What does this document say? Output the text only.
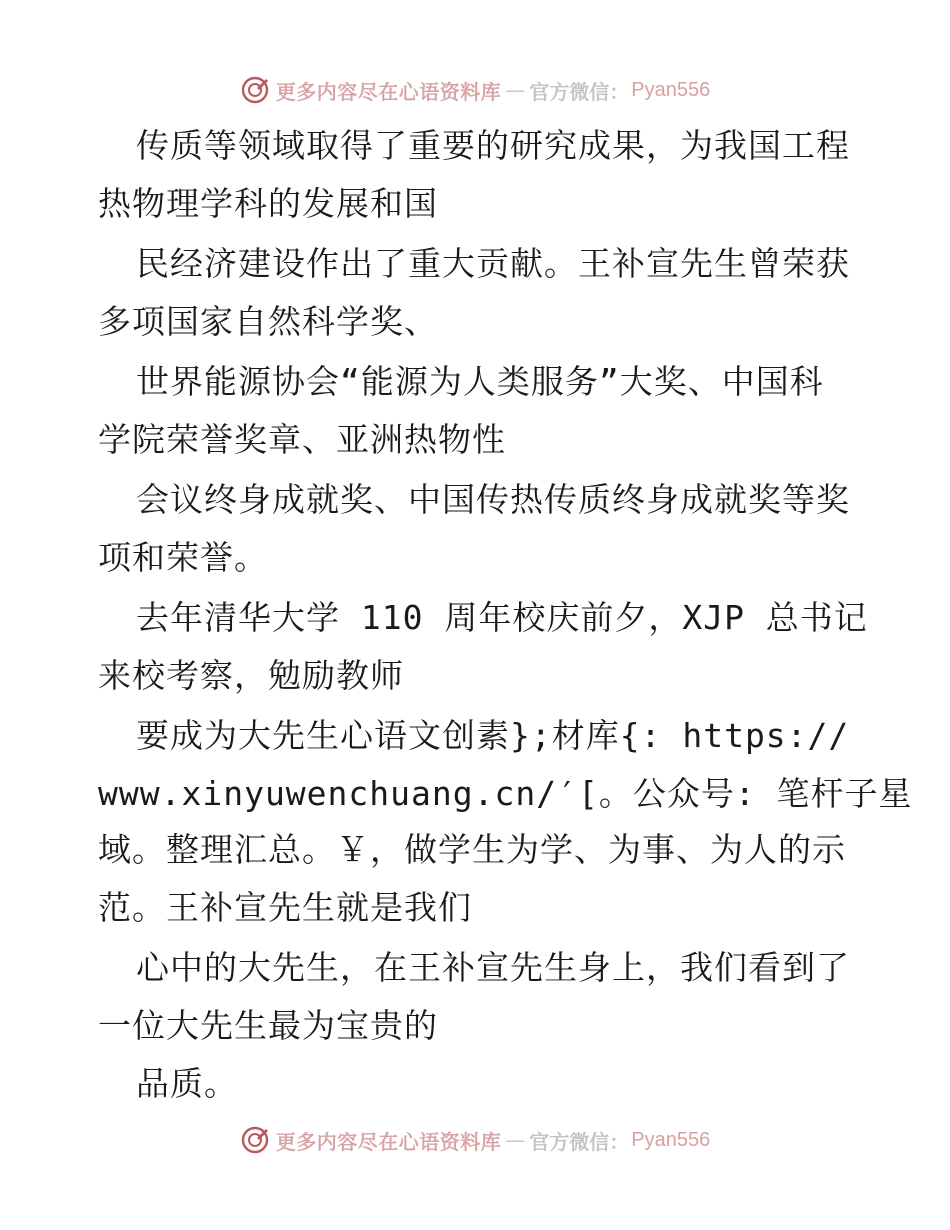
更多内容尽在心语资料库 — 官方微信： Pyan556
传质等领域取得了重要的研究成果，为我国工程
热物理学科的发展和国
民经济建设作出了重大贡献。王补宣先生曾荣获
多项国家自然科学奖、
世界能源协会“能源为人类服务”大奖、中国科
学院荣誉奖章、亚洲热物性
会议终身成就奖、中国传热传质终身成就奖等奖
项和荣誉。
去年清华大学 110 周年校庆前夕，XJP 总书记
来校考察，勉励教师
要成为大先生心语文创素};材库{: https://
www.xinyuwenchuang.cn/′[。公众号: 笔杆子星
域。整理汇总。￥，做学生为学、为事、为人的示
范。王补宣先生就是我们
心中的大先生，在王补宣先生身上，我们看到了
一位大先生最为宝贵的
品质。
更多内容尽在心语资料库 — 官方微信： Pyan556
